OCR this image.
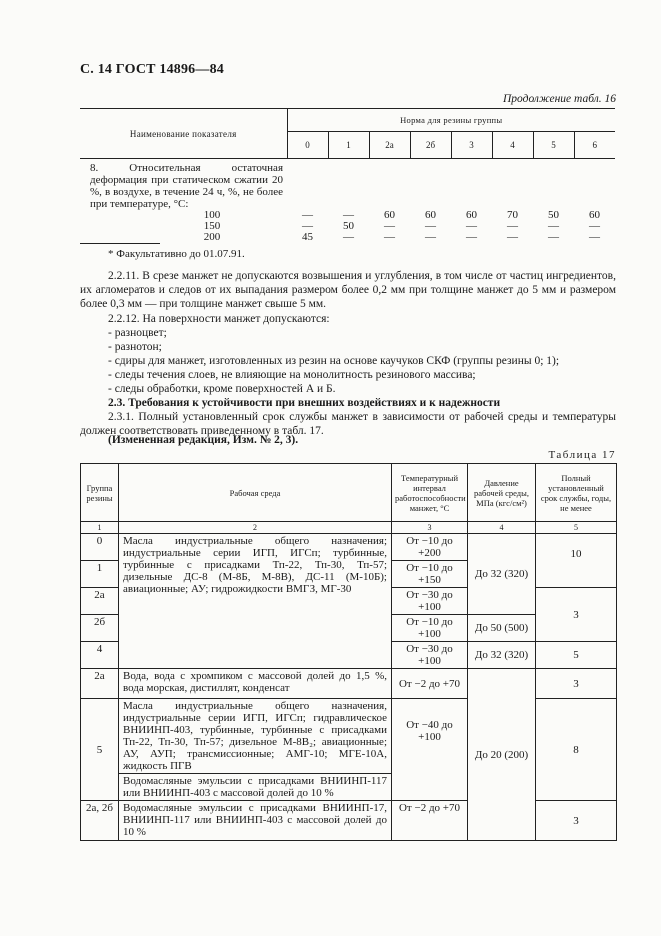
С. 14 ГОСТ 14896—84
Продолжение табл. 16
Наименование показателя	Норма для резины группы							
	0	1	2а	2б	3	4	5	6
8. Относительная остаточная деформация при статическом сжатии 20 %, в воздухе, в течение 24 ч, %, не более при температуре, °С:								
100	—	—	60	60	60	70	50	60
150	—	50	—	—	—	—	—	—
200	45	—	—	—	—	—	—	—
* Факультативно до 01.07.91.
2.2.11. В срезе манжет не допускаются возвышения и углубления, в том числе от частиц ингредиентов, их агломератов и следов от их выпадания размером более 0,2 мм при толщине манжет до 5 мм и размером более 0,3 мм — при толщине манжет свыше 5 мм.
2.2.12. На поверхности манжет допускаются:
- разноцвет;
- разнотон;
- сдиры для манжет, изготовленных из резин на основе каучуков СКФ (группы резины 0; 1);
- следы течения слоев, не влияющие на монолитность резинового массива;
- следы обработки, кроме поверхностей А и Б.
2.3. Требования к устойчивости при внешних воздействиях и к надежности
2.3.1. Полный установленный срок службы манжет в зависимости от рабочей среды и температуры должен соответствовать приведенному в табл. 17.
(Измененная редакция, Изм. № 2, 3).
Таблица 17
Группа резины	Рабочая среда	Температурный интервал работоспособности манжет, °С	Давление рабочей среды, МПа (кгс/см²)	Полный установленный срок службы, годы, не менее
1	2	3	4	5
0	Масла индустриальные общего назначения; индустриальные серии ИГП, ИГСп; турбинные, турбинные с присадками Тп-22, Тп-30, Тп-57; дизельные ДС-8 (М-8Б, М-8В), ДС-11 (М-10Б); авиационные; АУ; гидрожидкости ВМГЗ, МГ-30	От −10 до +200	До 32 (320)	10
1		От −10 до +150		
2а		От −30 до +100		3
2б		От −10 до +100	До 50 (500)	
4		От −30 до +100	До 32 (320)	5
2а	Вода, вода с хромпиком с массовой долей до 1,5 %, вода морская, дистиллят, конденсат	От −2 до +70	До 20 (200)	3
5	Масла индустриальные общего назначения, индустриальные серии ИГП, ИГСп; гидравлическое ВНИИНП-403, турбинные, турбинные с присадками Тп-22, Тп-30, Тп-57; дизельное М-8В₂; авиационные; АУ, АУП; трансмиссионные; АМГ-10; МГЕ-10А, жидкость ПГВ	От −40 до +100		8
	Водомасляные эмульсии с присадками ВНИИНП-117 или ВНИИНП-403 с массовой долей до 10 %			
2а, 2б	Водомасляные эмульсии с присадками ВНИИНП-17, ВНИИНП-117 или ВНИИНП-403 с массовой долей до 10 %	От −2 до +70		3
